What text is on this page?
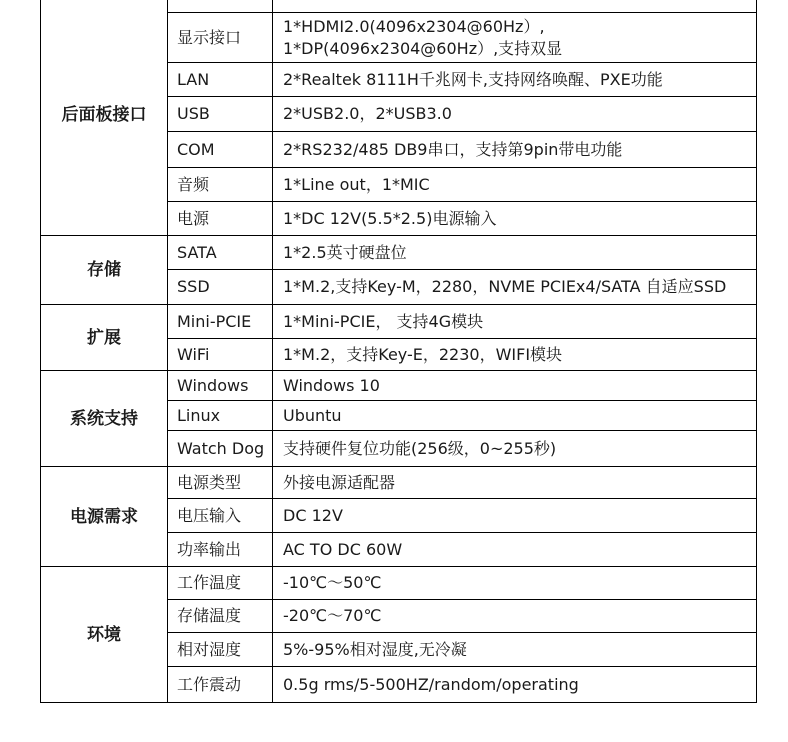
后面板接口		

	显示接口	1*HDMI2.0(4096x2304@60Hz）,
1*DP(4096x2304@60Hz）,支持双显

	LAN	2*Realtek 8111H千兆网卡,支持网络唤醒、PXE功能

	USB	2*USB2.0，2*USB3.0

	COM	2*RS232/485 DB9串口，支持第9pin带电功能

	音频	1*Line out，1*MIC

	电源	1*DC 12V(5.5*2.5)电源输入

存储	SATA	1*2.5英寸硬盘位

	SSD	1*M.2,支持Key-M，2280，NVME PCIEx4/SATA 自适应SSD

扩展	Mini-PCIE	1*Mini-PCIE， 支持4G模块

	WiFi	1*M.2，支持Key-E，2230，WIFI模块

系统支持	Windows	Windows 10

	Linux	Ubuntu

	Watch Dog	支持硬件复位功能(256级，0~255秒)

电源需求	电源类型	外接电源适配器

	电压输入	DC 12V

	功率输出	AC TO DC 60W

环境	工作温度	-10℃～50℃

	存储温度	-20℃～70℃

	相对湿度	5%-95%相对湿度,无冷凝

	工作震动	0.5g rms/5-500HZ/random/operating
